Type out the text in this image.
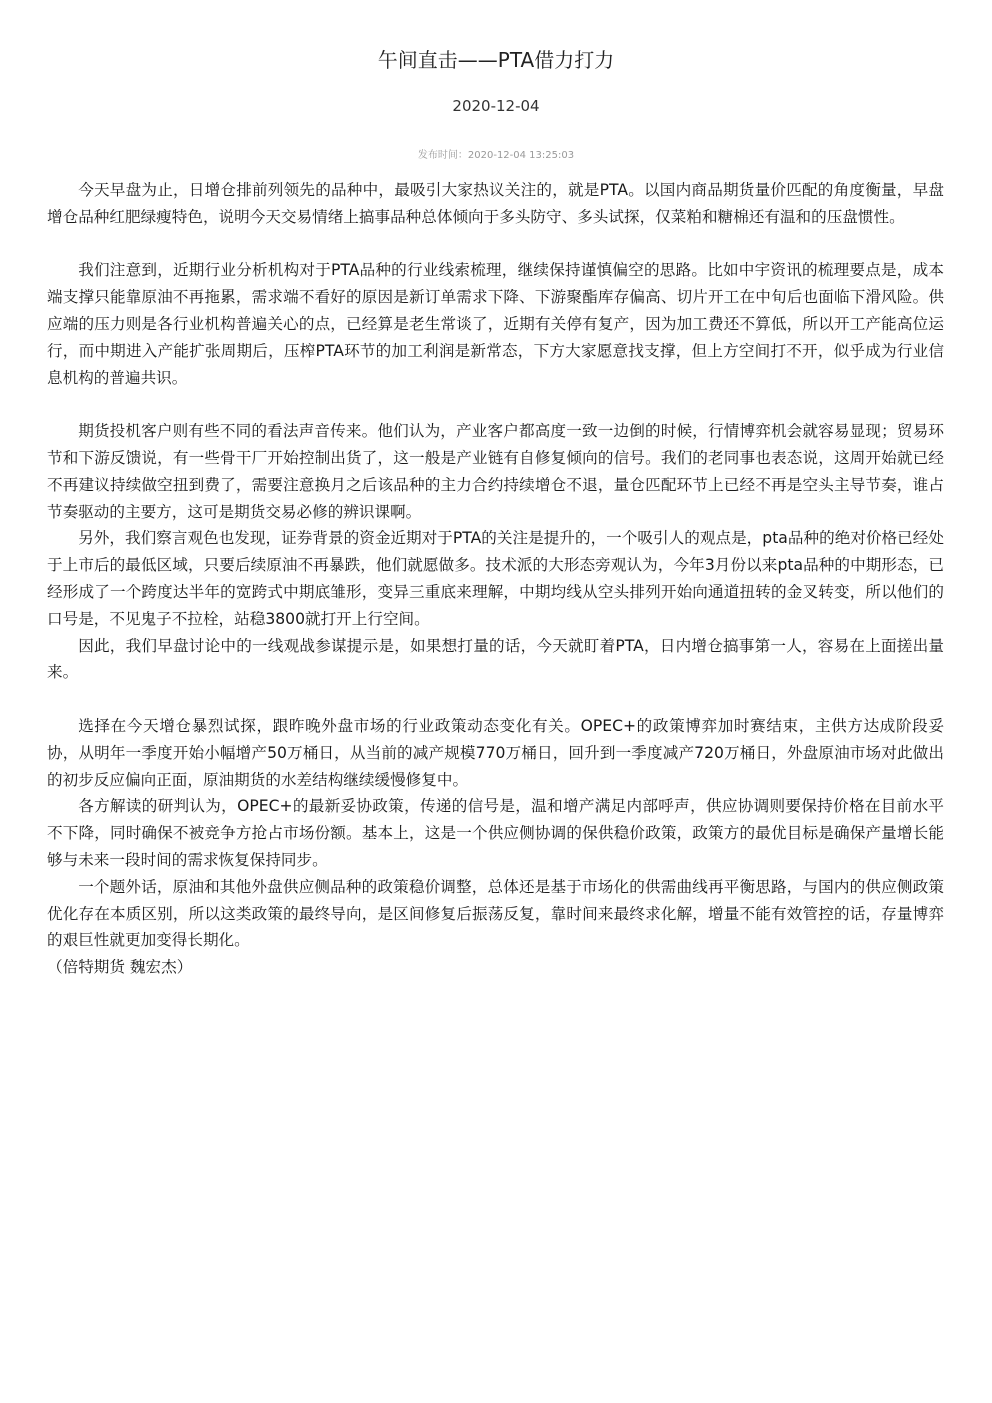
午间直击——PTA借力打力
2020-12-04
发布时间：2020-12-04 13:25:03

今天早盘为止，日增仓排前列领先的品种中，最吸引大家热议关注的，就是PTA。以国内商品期货量价匹配的角度衡量，早盘增仓品种红肥绿瘦特色，说明今天交易情绪上搞事品种总体倾向于多头防守、多头试探，仅菜粕和糖棉还有温和的压盘惯性。

我们注意到，近期行业分析机构对于PTA品种的行业线索梳理，继续保持谨慎偏空的思路。比如中宇资讯的梳理要点是，成本端支撑只能靠原油不再拖累，需求端不看好的原因是新订单需求下降、下游聚酯库存偏高、切片开工在中旬后也面临下滑风险。供应端的压力则是各行业机构普遍关心的点，已经算是老生常谈了，近期有关停有复产，因为加工费还不算低，所以开工产能高位运行，而中期进入产能扩张周期后，压榨PTA环节的加工利润是新常态，下方大家愿意找支撑，但上方空间打不开，似乎成为行业信息机构的普遍共识。

期货投机客户则有些不同的看法声音传来。他们认为，产业客户都高度一致一边倒的时候，行情博弈机会就容易显现；贸易环节和下游反馈说，有一些骨干厂开始控制出货了，这一般是产业链有自修复倾向的信号。我们的老同事也表态说，这周开始就已经不再建议持续做空扭到费了，需要注意换月之后该品种的主力合约持续增仓不退，量仓匹配环节上已经不再是空头主导节奏，谁占节奏驱动的主要方，这可是期货交易必修的辨识课啊。

另外，我们察言观色也发现，证券背景的资金近期对于PTA的关注是提升的，一个吸引人的观点是，pta品种的绝对价格已经处于上市后的最低区域，只要后续原油不再暴跌，他们就愿做多。技术派的大形态旁观认为，今年3月份以来pta品种的中期形态，已经形成了一个跨度达半年的宽跨式中期底雏形，变异三重底来理解，中期均线从空头排列开始向通道扭转的金叉转变，所以他们的口号是，不见鬼子不拉栓，站稳3800就打开上行空间。

因此，我们早盘讨论中的一线观战参谋提示是，如果想打量的话，今天就盯着PTA，日内增仓搞事第一人，容易在上面搓出量来。

选择在今天增仓暴烈试探，跟昨晚外盘市场的行业政策动态变化有关。OPEC+的政策博弈加时赛结束，主供方达成阶段妥协，从明年一季度开始小幅增产50万桶日，从当前的减产规模770万桶日，回升到一季度减产720万桶日，外盘原油市场对此做出的初步反应偏向正面，原油期货的水差结构继续缓慢修复中。

各方解读的研判认为，OPEC+的最新妥协政策，传递的信号是，温和增产满足内部呼声，供应协调则要保持价格在目前水平不下降，同时确保不被竞争方抢占市场份额。基本上，这是一个供应侧协调的保供稳价政策，政策方的最优目标是确保产量增长能够与未来一段时间的需求恢复保持同步。

一个题外话，原油和其他外盘供应侧品种的政策稳价调整，总体还是基于市场化的供需曲线再平衡思路，与国内的供应侧政策优化存在本质区别，所以这类政策的最终导向，是区间修复后振荡反复，靠时间来最终求化解，增量不能有效管控的话，存量博弈的艰巨性就更加变得长期化。

（倍特期货 魏宏杰）
